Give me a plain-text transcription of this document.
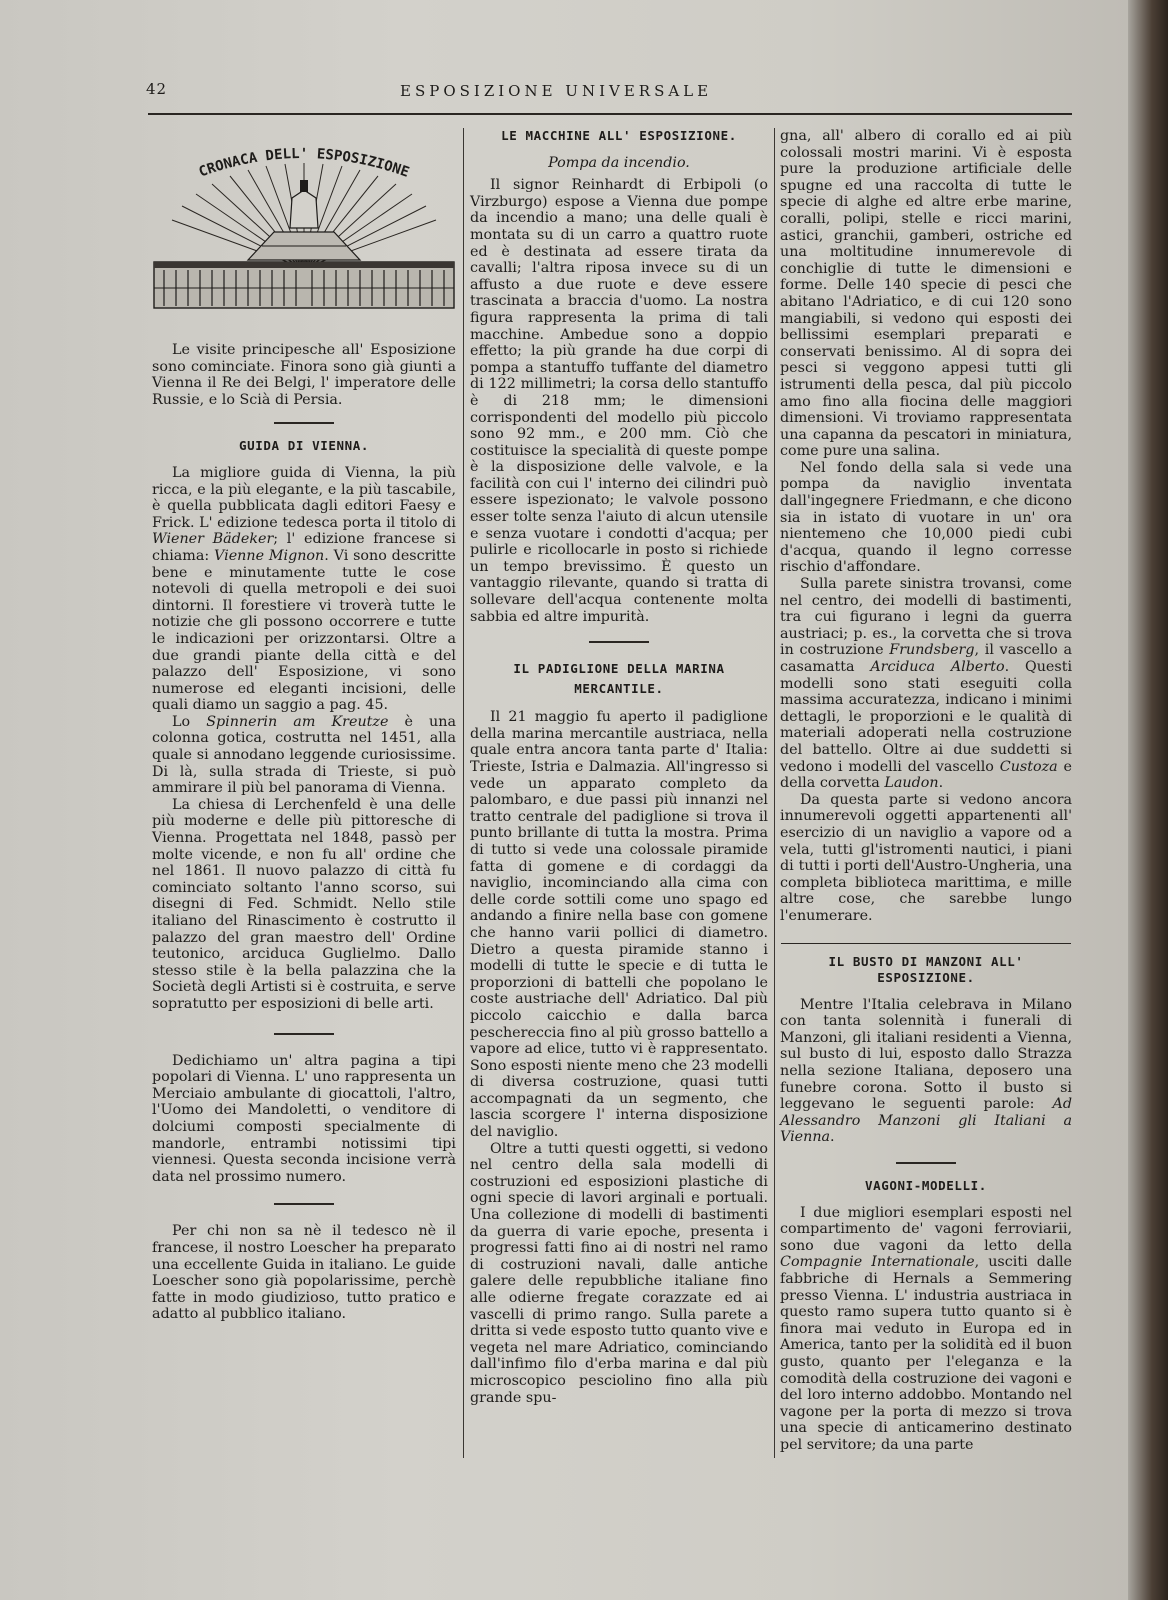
42	ESPOSIZIONE UNIVERSALE
CRONACA DELL' ESPOSIZIONE

Le visite principesche all' Esposizione sono cominciate. Finora sono già giunti a Vienna il Re dei Belgi, l' imperatore delle Russie, e lo Scià di Persia.

GUIDA DI VIENNA.

La migliore guida di Vienna, la più ricca, e la più elegante, e la più tascabile, è quella pubblicata dagli editori Faesy e Frick. L' edizione tedesca porta il titolo di Wiener Bädeker; l' edizione francese si chiama: Vienne Mignon. Vi sono descritte bene e minutamente tutte le cose notevoli di quella metropoli e dei suoi dintorni. Il forestiere vi troverà tutte le notizie che gli possono occorrere e tutte le indicazioni per orizzontarsi. Oltre a due grandi piante della città e del palazzo dell' Esposizione, vi sono numerose ed eleganti incisioni, delle quali diamo un saggio a pag. 45.

Lo Spinnerin am Kreutze è una colonna gotica, costrutta nel 1451, alla quale si annodano leggende curiosissime. Di là, sulla strada di Trieste, si può ammirare il più bel panorama di Vienna.

La chiesa di Lerchenfeld è una delle più moderne e delle più pittoresche di Vienna. Progettata nel 1848, passò per molte vicende, e non fu all' ordine che nel 1861. Il nuovo palazzo di città fu cominciato soltanto l'anno scorso, sui disegni di Fed. Schmidt. Nello stile italiano del Rinascimento è costrutto il palazzo del gran maestro dell' Ordine teutonico, arciduca Guglielmo. Dallo stesso stile è la bella palazzina che la Società degli Artisti si è costruita, e serve sopratutto per esposizioni di belle arti.

Dedichiamo un' altra pagina a tipi popolari di Vienna. L' uno rappresenta un Merciaio ambulante di giocattoli, l'altro, l'Uomo dei Mandoletti, o venditore di dolciumi composti specialmente di mandorle, entrambi notissimi tipi viennesi. Questa seconda incisione verrà data nel prossimo numero.

Per chi non sa nè il tedesco nè il francese, il nostro Loescher ha preparato una eccellente Guida in italiano. Le guide Loescher sono già popolarissime, perchè fatte in modo giudizioso, tutto pratico e adatto al pubblico italiano.

LE MACCHINE ALL' ESPOSIZIONE.
Pompa da incendio.

Il signor Reinhardt di Erbipoli (o Virzburgo) espose a Vienna due pompe da incendio a mano; una delle quali è montata su di un carro a quattro ruote ed è destinata ad essere tirata da cavalli; l'altra riposa invece su di un affusto a due ruote e deve essere trascinata a braccia d'uomo. La nostra figura rappresenta la prima di tali macchine. Ambedue sono a doppio effetto; la più grande ha due corpi di pompa a stantuffo tuffante del diametro di 122 millimetri; la corsa dello stantuffo è di 218 mm; le dimensioni corrispondenti del modello più piccolo sono 92 mm., e 200 mm. Ciò che costituisce la specialità di queste pompe è la disposizione delle valvole, e la facilità con cui l' interno dei cilindri può essere ispezionato; le valvole possono esser tolte senza l'aiuto di alcun utensile e senza vuotare i condotti d'acqua; per pulirle e ricollocarle in posto si richiede un tempo brevissimo. È questo un vantaggio rilevante, quando si tratta di sollevare dell'acqua contenente molta sabbia ed altre impurità.

IL PADIGLIONE DELLA MARINA MERCANTILE.

Il 21 maggio fu aperto il padiglione della marina mercantile austriaca, nella quale entra ancora tanta parte d' Italia: Trieste, Istria e Dalmazia. All'ingresso si vede un apparato completo da palombaro, e due passi più innanzi nel tratto centrale del padiglione si trova il punto brillante di tutta la mostra. Prima di tutto si vede una colossale piramide fatta di gomene e di cordaggi da naviglio, incominciando alla cima con delle corde sottili come uno spago ed andando a finire nella base con gomene che hanno varii pollici di diametro. Dietro a questa piramide stanno i modelli di tutte le specie e di tutta le proporzioni di battelli che popolano le coste austriache dell' Adriatico. Dal più piccolo caicchio e dalla barca peschereccia fino al più grosso battello a vapore ad elice, tutto vi è rappresentato. Sono esposti niente meno che 23 modelli di diversa costruzione, quasi tutti accompagnati da un segmento, che lascia scorgere l' interna disposizione del naviglio.

Oltre a tutti questi oggetti, si vedono nel centro della sala modelli di costruzioni ed esposizioni plastiche di ogni specie di lavori arginali e portuali. Una collezione di modelli di bastimenti da guerra di varie epoche, presenta i progressi fatti fino ai di nostri nel ramo di costruzioni navali, dalle antiche galere delle repubbliche italiane fino alle odierne fregate corazzate ed ai vascelli di primo rango. Sulla parete a dritta si vede esposto tutto quanto vive e vegeta nel mare Adriatico, cominciando dall'infimo filo d'erba marina e dal più microscopico pesciolino fino alla più grande spu-

gna, all' albero di corallo ed ai più colossali mostri marini. Vi è esposta pure la produzione artificiale delle spugne ed una raccolta di tutte le specie di alghe ed altre erbe marine, coralli, polipi, stelle e ricci marini, astici, granchii, gamberi, ostriche ed una moltitudine innumerevole di conchiglie di tutte le dimensioni e forme. Delle 140 specie di pesci che abitano l'Adriatico, e di cui 120 sono mangiabili, si vedono qui esposti dei bellissimi esemplari preparati e conservati benissimo. Al di sopra dei pesci si veggono appesi tutti gli istrumenti della pesca, dal più piccolo amo fino alla fiocina delle maggiori dimensioni. Vi troviamo rappresentata una capanna da pescatori in miniatura, come pure una salina.

Nel fondo della sala si vede una pompa da naviglio inventata dall'ingegnere Friedmann, e che dicono sia in istato di vuotare in un' ora nientemeno che 10,000 piedi cubi d'acqua, quando il legno corresse rischio d'affondare.

Sulla parete sinistra trovansi, come nel centro, dei modelli di bastimenti, tra cui figurano i legni da guerra austriaci; p. es., la corvetta che si trova in costruzione Frundsberg, il vascello a casamatta Arciduca Alberto. Questi modelli sono stati eseguiti colla massima accuratezza, indicano i minimi dettagli, le proporzioni e le qualità di materiali adoperati nella costruzione del battello. Oltre ai due suddetti si vedono i modelli del vascello Custoza e della corvetta Laudon.

Da questa parte si vedono ancora innumerevoli oggetti appartenenti all' esercizio di un naviglio a vapore od a vela, tutti gl'istromenti nautici, i piani di tutti i porti dell'Austro-Ungheria, una completa biblioteca marittima, e mille altre cose, che sarebbe lungo l'enumerare.

IL BUSTO DI MANZONI ALL' ESPOSIZIONE.

Mentre l'Italia celebrava in Milano con tanta solennità i funerali di Manzoni, gli italiani residenti a Vienna, sul busto di lui, esposto dallo Strazza nella sezione Italiana, deposero una funebre corona. Sotto il busto si leggevano le seguenti parole: Ad Alessandro Manzoni gli Italiani a Vienna.

VAGONI-MODELLI.

I due migliori esemplari esposti nel compartimento de' vagoni ferroviarii, sono due vagoni da letto della Compagnie Internationale, usciti dalle fabbriche di Hernals a Semmering presso Vienna. L' industria austriaca in questo ramo supera tutto quanto si è finora mai veduto in Europa ed in America, tanto per la solidità ed il buon gusto, quanto per l'eleganza e la comodità della costruzione dei vagoni e del loro interno addobbo. Montando nel vagone per la porta di mezzo si trova una specie di anticamerino destinato pel servitore; da una parte
